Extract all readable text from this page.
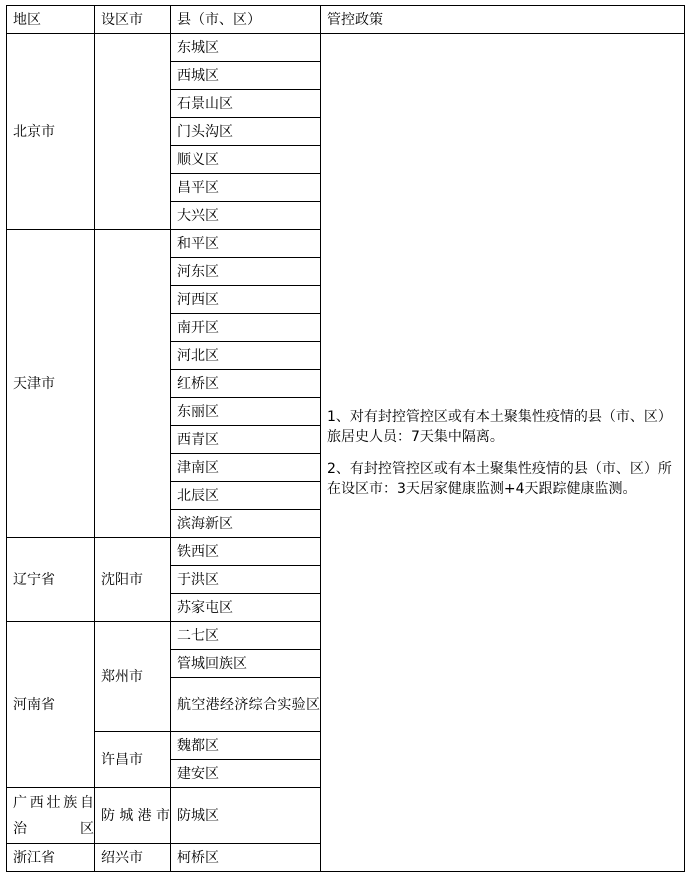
地区	设区市	县（市、区）	管控政策
北京市		东城区	1、对有封控管控区或有本土聚集性疫情的县（市、区）旅居史人员：7天集中隔离。

2、有封控管控区或有本土聚集性疫情的县（市、区）所在设区市：3天居家健康监测+4天跟踪健康监测。

		西城区	
		石景山区	
		门头沟区	
		顺义区	
		昌平区	
		大兴区	
天津市		和平区	
		河东区	
		河西区	
		南开区	
		河北区	
		红桥区	
		东丽区	
		西青区	
		津南区	
		北辰区	
		滨海新区	
辽宁省	沈阳市	铁西区	
		于洪区	
		苏家屯区	
河南省	郑州市	二七区	
		管城回族区	
		航空港经济综合实验区	
	许昌市	魏都区	
		建安区	
广西壮族自治区	防城港市	防城区	
浙江省	绍兴市	柯桥区	
